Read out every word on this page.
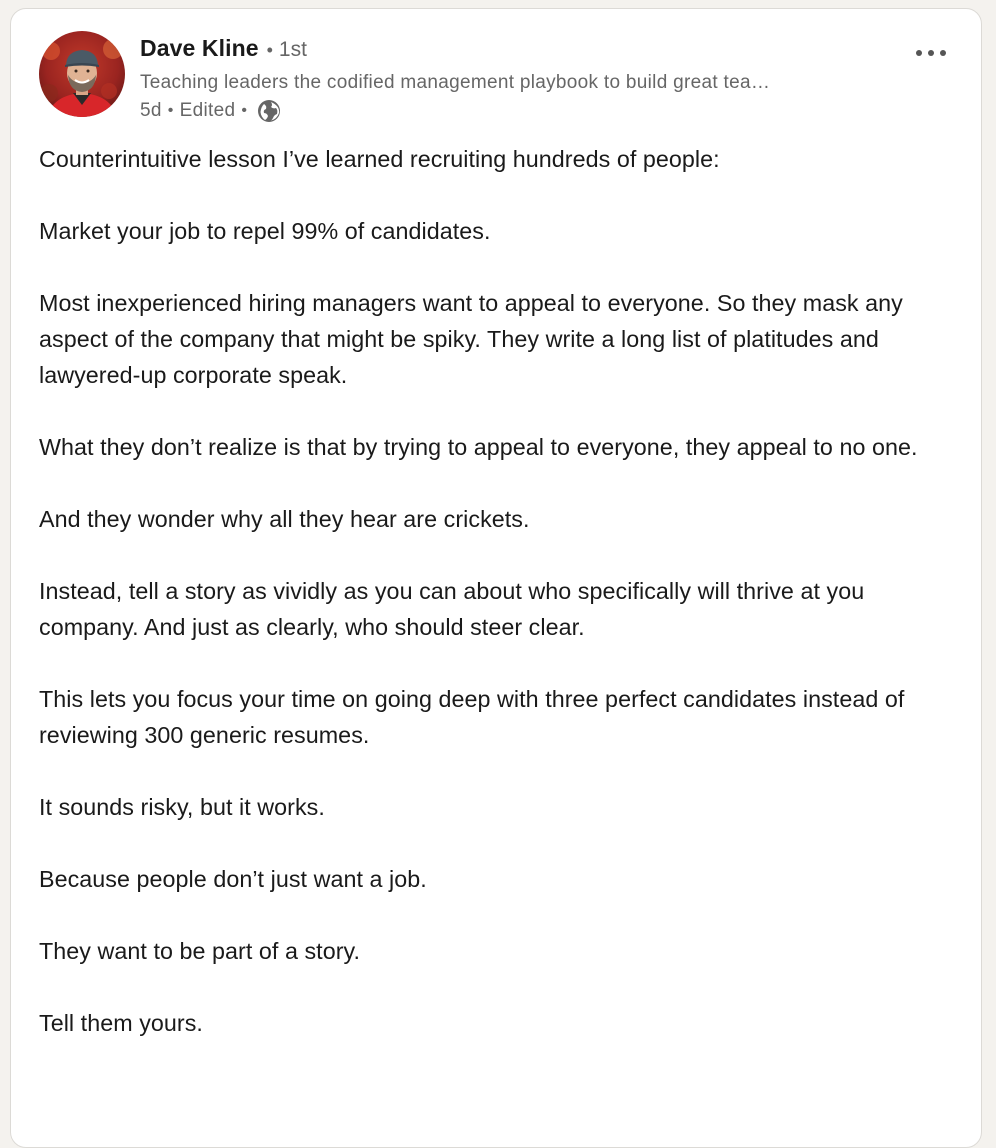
Dave Kline • 1st
Teaching leaders the codified management playbook to build great tea…
5d • Edited •

Counterintuitive lesson I’ve learned recruiting hundreds of people:

Market your job to repel 99% of candidates.

Most inexperienced hiring managers want to appeal to everyone. So they mask any aspect of the company that might be spiky. They write a long list of platitudes and lawyered-up corporate speak.

What they don’t realize is that by trying to appeal to everyone, they appeal to no one.

And they wonder why all they hear are crickets.

Instead, tell a story as vividly as you can about who specifically will thrive at you company. And just as clearly, who should steer clear.

This lets you focus your time on going deep with three perfect candidates instead of reviewing 300 generic resumes.

It sounds risky, but it works.

Because people don’t just want a job.

They want to be part of a story.

Tell them yours.
